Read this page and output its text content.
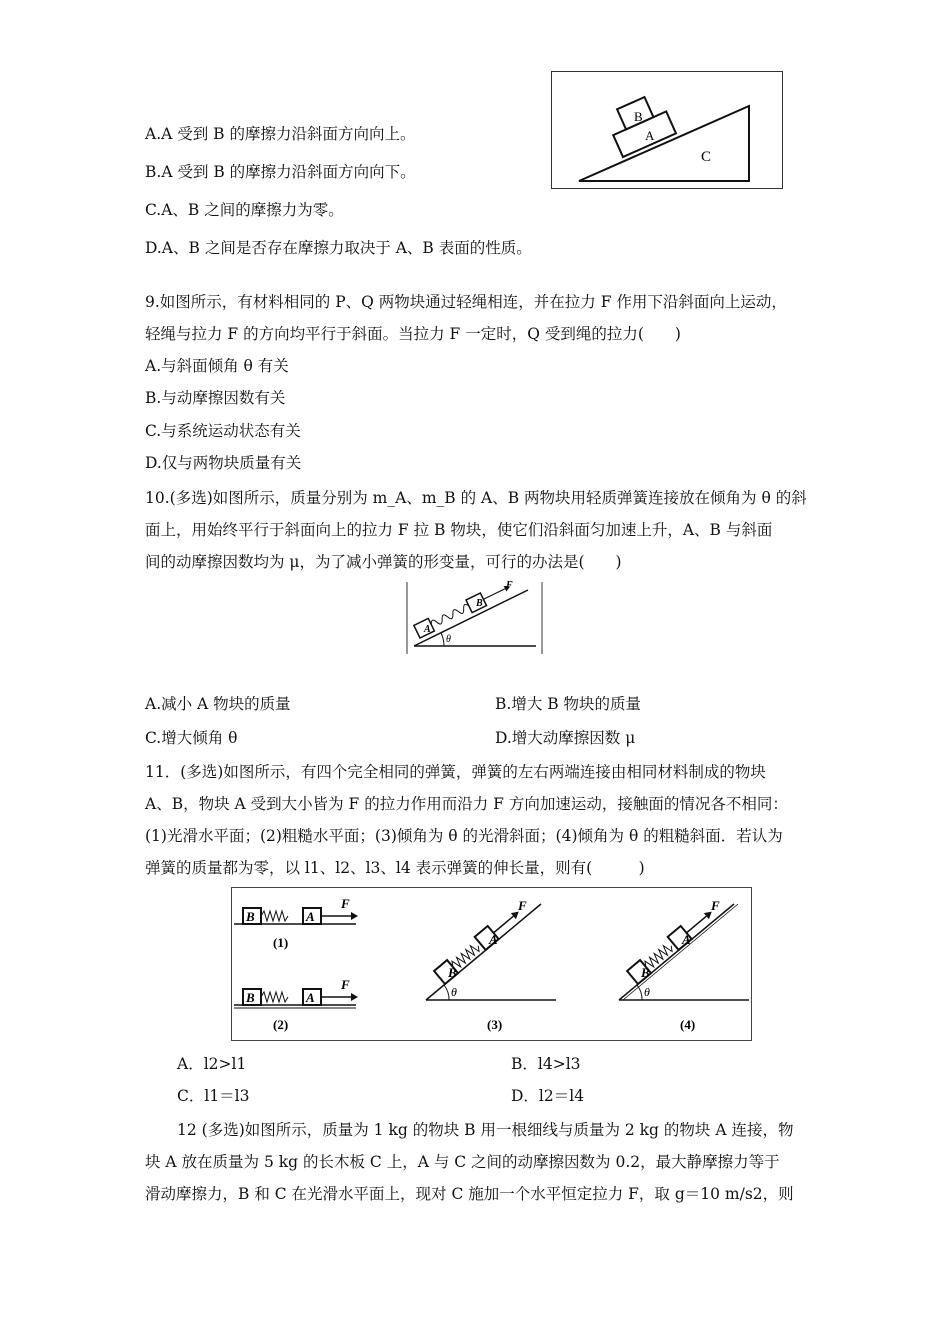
B
A
C
A.A 受到 B 的摩擦力沿斜面方向向上。
B.A 受到 B 的摩擦力沿斜面方向向下。
C.A、B 之间的摩擦力为零。
D.A、B 之间是否存在摩擦力取决于 A、B 表面的性质。
9.如图所示，有材料相同的 P、Q 两物块通过轻绳相连，并在拉力 F 作用下沿斜面向上运动，
轻绳与拉力 F 的方向均平行于斜面。当拉力 F 一定时，Q 受到绳的拉力(　　)
A.与斜面倾角 θ 有关
B.与动摩擦因数有关
C.与系统运动状态有关
D.仅与两物块质量有关
10.(多选)如图所示，质量分别为 m_A、m_B 的 A、B 两物块用轻质弹簧连接放在倾角为 θ 的斜
面上，用始终平行于斜面向上的拉力 F 拉 B 物块，使它们沿斜面匀加速上升，A、B 与斜面
间的动摩擦因数均为 μ，为了减小弹簧的形变量，可行的办法是(　　)
A
B
F
θ
A.减小 A 物块的质量	B.增大 B 物块的质量
C.增大倾角 θ	D.增大动摩擦因数 μ
11．(多选)如图所示，有四个完全相同的弹簧，弹簧的左右两端连接由相同材料制成的物块
A、B，物块 A 受到大小皆为 F 的拉力作用而沿力 F 方向加速运动，接触面的情况各不相同：
(1)光滑水平面；(2)粗糙水平面；(3)倾角为 θ 的光滑斜面；(4)倾角为 θ 的粗糙斜面．若认为
弹簧的质量都为零，以 l1、l2、l3、l4 表示弹簧的伸长量，则有(　　　)
B	A
F
(1)
B	A
F
(2)
B
A
F
θ
(3)
B
A
F
θ
(4)
A．l2>l1	B．l4>l3
C．l1＝l3	D．l2＝l4
12 (多选)如图所示，质量为 1 kg 的物块 B 用一根细线与质量为 2 kg 的物块 A 连接，物
块 A 放在质量为 5 kg 的长木板 C 上，A 与 C 之间的动摩擦因数为 0.2，最大静摩擦力等于
滑动摩擦力，B 和 C 在光滑水平面上，现对 C 施加一个水平恒定拉力 F，取 g＝10 m/s2，则
